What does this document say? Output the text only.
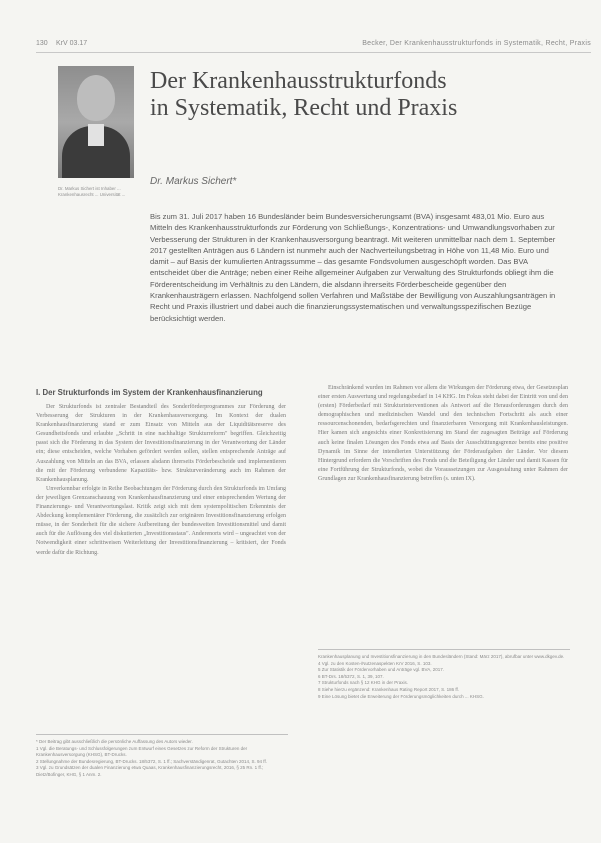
130 KrV 03.17	Becker, Der Krankenhausstrukturfonds in Systematik, Recht, Praxis
Dr. Markus Sichert ist Inhaber ... Krankenhausrecht ... Universität ...
Der Krankenhausstrukturfonds
in Systematik, Recht und Praxis
Dr. Markus Sichert*
Bis zum 31. Juli 2017 haben 16 Bundesländer beim Bundesversicherungsamt (BVA) insgesamt 483,01 Mio. Euro aus Mitteln des Krankenhausstrukturfonds zur Förderung von Schließungs-, Konzentrations- und Umwandlungsvorhaben zur Verbesserung der Strukturen in der Krankenhausversorgung beantragt. Mit weiteren unmittelbar nach dem 1. September 2017 gestellten Anträgen aus 6 Ländern ist nunmehr auch der Nachverteilungsbetrag in Höhe von 11,48 Mio. Euro und damit – auf Basis der kumulierten Antragssumme – das gesamte Fondsvolumen ausgeschöpft worden. Das BVA entscheidet über die Anträge; neben einer Reihe allgemeiner Aufgaben zur Verwaltung des Strukturfonds obliegt ihm die Förderentscheidung im Verhältnis zu den Ländern, die alsdann ihrerseits Förderbescheide gegenüber den Krankenhausträgern erlassen. Nachfolgend sollen Verfahren und Maßstäbe der Bewilligung von Auszahlungsanträgen in Recht und Praxis illustriert und dabei auch die finanzierungssystematischen und verwaltungsspezifischen Bezüge berücksichtigt werden.
I. Der Strukturfonds im System der Krankenhausfinanzierung

Der Strukturfonds ist zentraler Bestandteil des Sonderförderprogrammes zur Förderung der Verbesserung der Strukturen in der Krankenhausversorgung. Im Kontext der dualen Krankenhausfinanzierung stand er zum Einsatz von Mitteln aus der Liquiditätsreserve des Gesundheitsfonds und erlaubte „Schritt in eine nachhaltige Strukturreform" begriffen. Gleichzeitig passt sich die Förderung in das System der Investitionsfinanzierung in der Verantwortung der Länder ein; diese entscheiden, welche Vorhaben gefördert werden sollen, stellen entsprechende Anträge auf Auszahlung von Mitteln an das BVA, erlassen alsdann ihrerseits Förderbescheide und implementieren die mit der Förderung verbundene Kapazitäts- bzw. Strukturveränderung auch im Rahmen der Krankenhausplanung.

Unverkennbar erfolgte in Reihe Beobachtungen der Förderung durch den Strukturfonds im Umfang der jeweiligen Grenzanschauung von Krankenhausfinanzierung und einer entsprechenden Wertung der Finanzierungs- und Verantwortungslast. Kritik zeigt sich mit dem systempolitischen Erkenntnis der Abdeckung komplementärer Förderung, die zusätzlich zur originären Investitionsfinanzierung erfolgen müsse, in der Sonderheit für die sichere Aufbereitung der bundesweiten Investitionsmittel und damit auch für die Auflösung des viel diskutierten „Investitionsstaus". Anderenorts wird – ungeachtet von der Notwendigkeit einer schrittweisen Weiterleitung der Investitionsfinanzierung – kritisiert, der Fonds werde dafür die Richtung.

Einschränkend wurden im Rahmen vor allem die Wirkungen der Förderung etwa, der Gesetzesplan einer ersten Auswertung und regelungsbedarf in 14 KHG. Im Fokus steht dabei der Eintritt von und den (ersten) Förderbedarf mit Strukturinterventionen als Antwort auf die Herausforderungen durch den demographischen und medizinischen Wandel und den technischen Fortschritt als auch einer ressourcenschonenden, bedarfsgerechten und finanzierbaren Versorgung mit Krankenhausleistungen. Hier kamen sich angesichts einer Konkretisierung im Stand der zugesagten Beiträge auf Förderung auch keine finalen Lösungen des Fonds etwa auf Basis der Ausschüttungsgrenze bereits eine positive Dynamik im Sinne der intendierten Unterstützung der Förderaufgaben der Länder. Vor diesem Hintergrund erfordern die Vorschriften des Fonds und die Beteiligung der Länder und damit Kassen für eine Fortführung der Strukturfonds, wobei die Voraussetzungen zur Ausgestaltung unter Rahmen der Grundlagen zur Krankenhausfinanzierung betreffen (s. unten IX).

* Der Beitrag gibt ausschließlich die persönliche Auffassung des Autors wieder.
1 Vgl. die Beratungs- und Schlussfolgerungen zum Entwurf eines Gesetzes zur Reform der Strukturen der Krankenhausversorgung (KHSG), BT-Drucks.
2 Stellungnahme der Bundesregierung, BT-Drucks. 18/5372, S. 1 ff.; Sachverständigenrat, Gutachten 2014, S. 94 ff.
3 Vgl. zu Grundsätzen der dualen Finanzierung etwa Quaas, Krankenhausfinanzierungsrecht, 2016, § 25 Rn. 1 ff.; Dietz/Bofinger, KHG, § 1 Anm. 2.
Krankenhausplanung und Investitionsfinanzierung in den Bundesländern (Stand: März 2017), abrufbar unter www.dkgev.de.
4 Vgl. zu den Kosten-/Nutzenaspekten KrV 2016, S. 103.
5 Zur Statistik der Fördervorhaben und Anträge vgl. BVA, 2017.
6 BT-Drs. 18/5372, S. 1, 39, 107.
7 Strukturfonds nach § 12 KHG in der Praxis.
8 Siehe hierzu ergänzend: Krankenhaus Rating Report 2017, S. 186 ff.
9 Eine Lösung bietet die Erweiterung der Förderungsmöglichkeiten durch ... KHSG.
